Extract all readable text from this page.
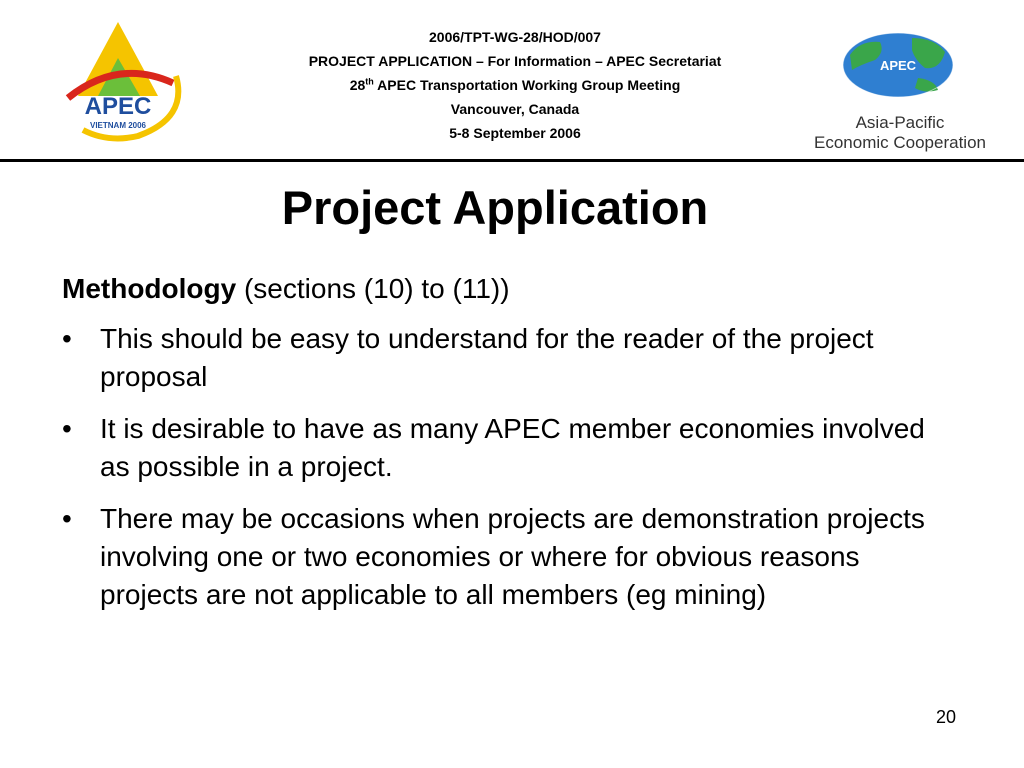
APEC
VIETNAM 2006
2006/TPT-WG-28/HOD/007
PROJECT APPLICATION – For Information – APEC Secretariat
28th APEC Transportation Working Group Meeting
Vancouver, Canada
5-8 September 2006
APEC
Asia-Pacific
Economic Cooperation
Project Application
Methodology (sections (10) to (11))
•	This should be easy to understand for the reader of the project proposal
•	It is desirable to have as many APEC member economies involved as possible in a project.
•	There may be occasions when projects are demonstration projects involving one or two economies or where for obvious reasons projects are not applicable to all members (eg mining)
20
